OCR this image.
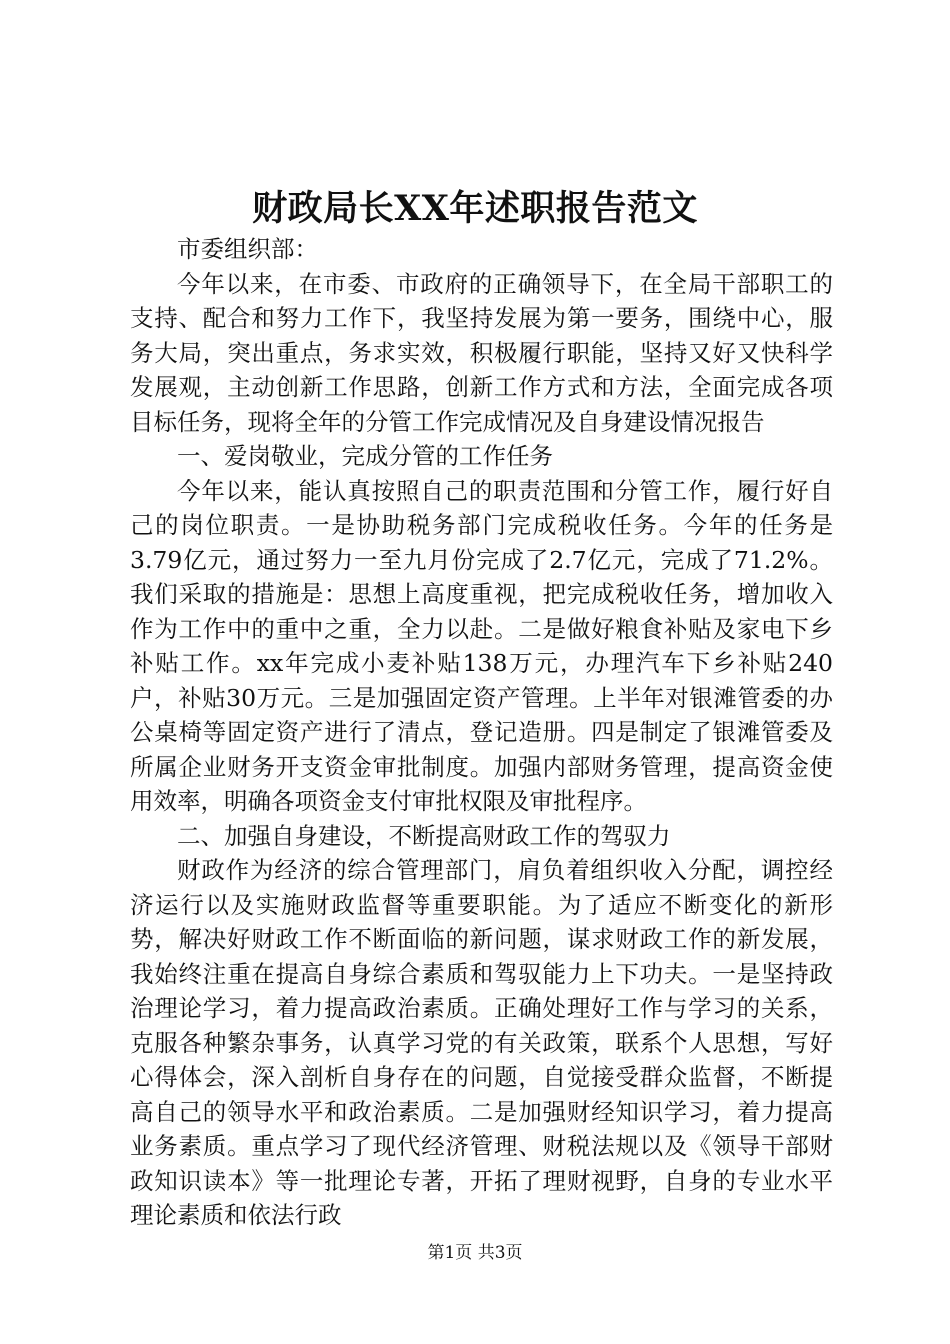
财政局长XX年述职报告范文

市委组织部：

今年以来，在市委、市政府的正确领导下，在全局干部职工的支持、配合和努力工作下，我坚持发展为第一要务，围绕中心，服务大局，突出重点，务求实效，积极履行职能，坚持又好又快科学发展观，主动创新工作思路，创新工作方式和方法，全面完成各项目标任务，现将全年的分管工作完成情况及自身建设情况报告

一、爱岗敬业，完成分管的工作任务

今年以来，能认真按照自己的职责范围和分管工作，履行好自己的岗位职责。一是协助税务部门完成税收任务。今年的任务是3.79亿元，通过努力一至九月份完成了2.7亿元，完成了71.2%。我们采取的措施是：思想上高度重视，把完成税收任务，增加收入作为工作中的重中之重，全力以赴。二是做好粮食补贴及家电下乡补贴工作。xx年完成小麦补贴138万元，办理汽车下乡补贴240户，补贴30万元。三是加强固定资产管理。上半年对银滩管委的办公桌椅等固定资产进行了清点，登记造册。四是制定了银滩管委及所属企业财务开支资金审批制度。加强内部财务管理，提高资金使用效率，明确各项资金支付审批权限及审批程序。

二、加强自身建设，不断提高财政工作的驾驭力

财政作为经济的综合管理部门，肩负着组织收入分配，调控经济运行以及实施财政监督等重要职能。为了适应不断变化的新形势，解决好财政工作不断面临的新问题，谋求财政工作的新发展，我始终注重在提高自身综合素质和驾驭能力上下功夫。一是坚持政治理论学习，着力提高政治素质。正确处理好工作与学习的关系，克服各种繁杂事务，认真学习党的有关政策，联系个人思想，写好心得体会，深入剖析自身存在的问题，自觉接受群众监督，不断提高自己的领导水平和政治素质。二是加强财经知识学习，着力提高业务素质。重点学习了现代经济管理、财税法规以及《领导干部财政知识读本》等一批理论专著，开拓了理财视野，自身的专业水平理论素质和依法行政

第1页 共3页
